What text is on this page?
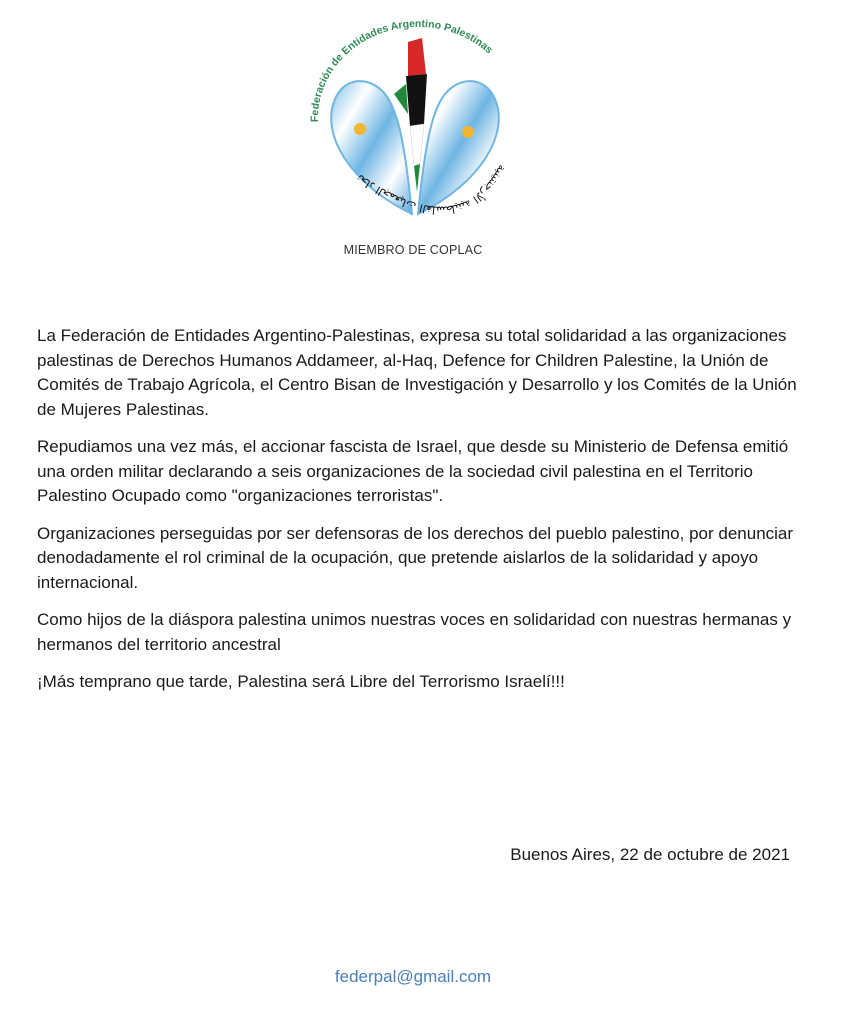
Federación de Entidades Argentino Palestinas
تحاد الجمعيات الفلسطينية الأرجنتينية
MIEMBRO DE COPLAC

La Federación de Entidades Argentino-Palestinas, expresa su total solidaridad a las organizaciones palestinas de Derechos Humanos Addameer, al-Haq, Defence for Children Palestine, la Unión de Comités de Trabajo Agrícola, el Centro Bisan de Investigación y Desarrollo y los Comités de la Unión de Mujeres Palestinas.

Repudiamos una vez más, el accionar fascista de Israel, que desde su Ministerio de Defensa emitió una orden militar declarando a seis organizaciones de la sociedad civil palestina en el Territorio Palestino Ocupado como "organizaciones terroristas".

Organizaciones perseguidas por ser defensoras de los derechos del pueblo palestino, por denunciar denodadamente el rol criminal de la ocupación, que pretende aislarlos de la solidaridad y apoyo internacional.

Como hijos de la diáspora palestina unimos nuestras voces en solidaridad con nuestras hermanas y hermanos del territorio ancestral

¡Más temprano que tarde, Palestina será Libre del Terrorismo Israelí!!!

Buenos Aires, 22 de octubre de 2021
federpal@gmail.com
